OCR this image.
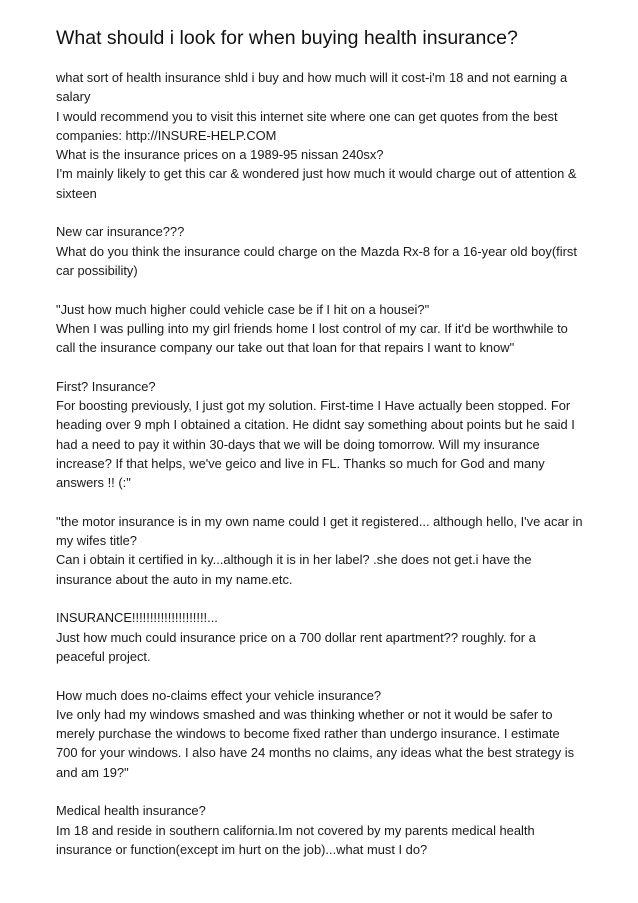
What should i look for when buying health insurance?
what sort of health insurance shld i buy and how much will it cost-i'm 18 and not earning a salary
I would recommend you to visit this internet site where one can get quotes from the best companies: http://INSURE-HELP.COM
What is the insurance prices on a 1989-95 nissan 240sx?
I'm mainly likely to get this car & wondered just how much it would charge out of attention & sixteen
New car insurance???
What do you think the insurance could charge on the Mazda Rx-8 for a 16-year old boy(first car possibility)
"Just how much higher could vehicle case be if I hit on a housei?"
When I was pulling into my girl friends home I lost control of my car. If it'd be worthwhile to call the insurance company our take out that loan for that repairs I want to know"
First? Insurance?
For boosting previously, I just got my solution. First-time I Have actually been stopped. For heading over 9 mph I obtained a citation. He didnt say something about points but he said I had a need to pay it within 30-days that we will be doing tomorrow. Will my insurance increase? If that helps, we've geico and live in FL. Thanks so much for God and many answers !! (:"
"the motor insurance is in my own name could I get it registered... although hello, I've acar in my wifes title?
Can i obtain it certified in ky...although it is in her label? .she does not get.i have the insurance about the auto in my name.etc.
INSURANCE!!!!!!!!!!!!!!!!!!!!!...
Just how much could insurance price on a 700 dollar rent apartment?? roughly. for a peaceful project.
How much does no-claims effect your vehicle insurance?
Ive only had my windows smashed and was thinking whether or not it would be safer to merely purchase the windows to become fixed rather than undergo insurance. I estimate 700 for your windows. I also have 24 months no claims, any ideas what the best strategy is and am 19?"
Medical health insurance?
Im 18 and reside in southern california.Im not covered by my parents medical health insurance or function(except im hurt on the job)...what must I do?
